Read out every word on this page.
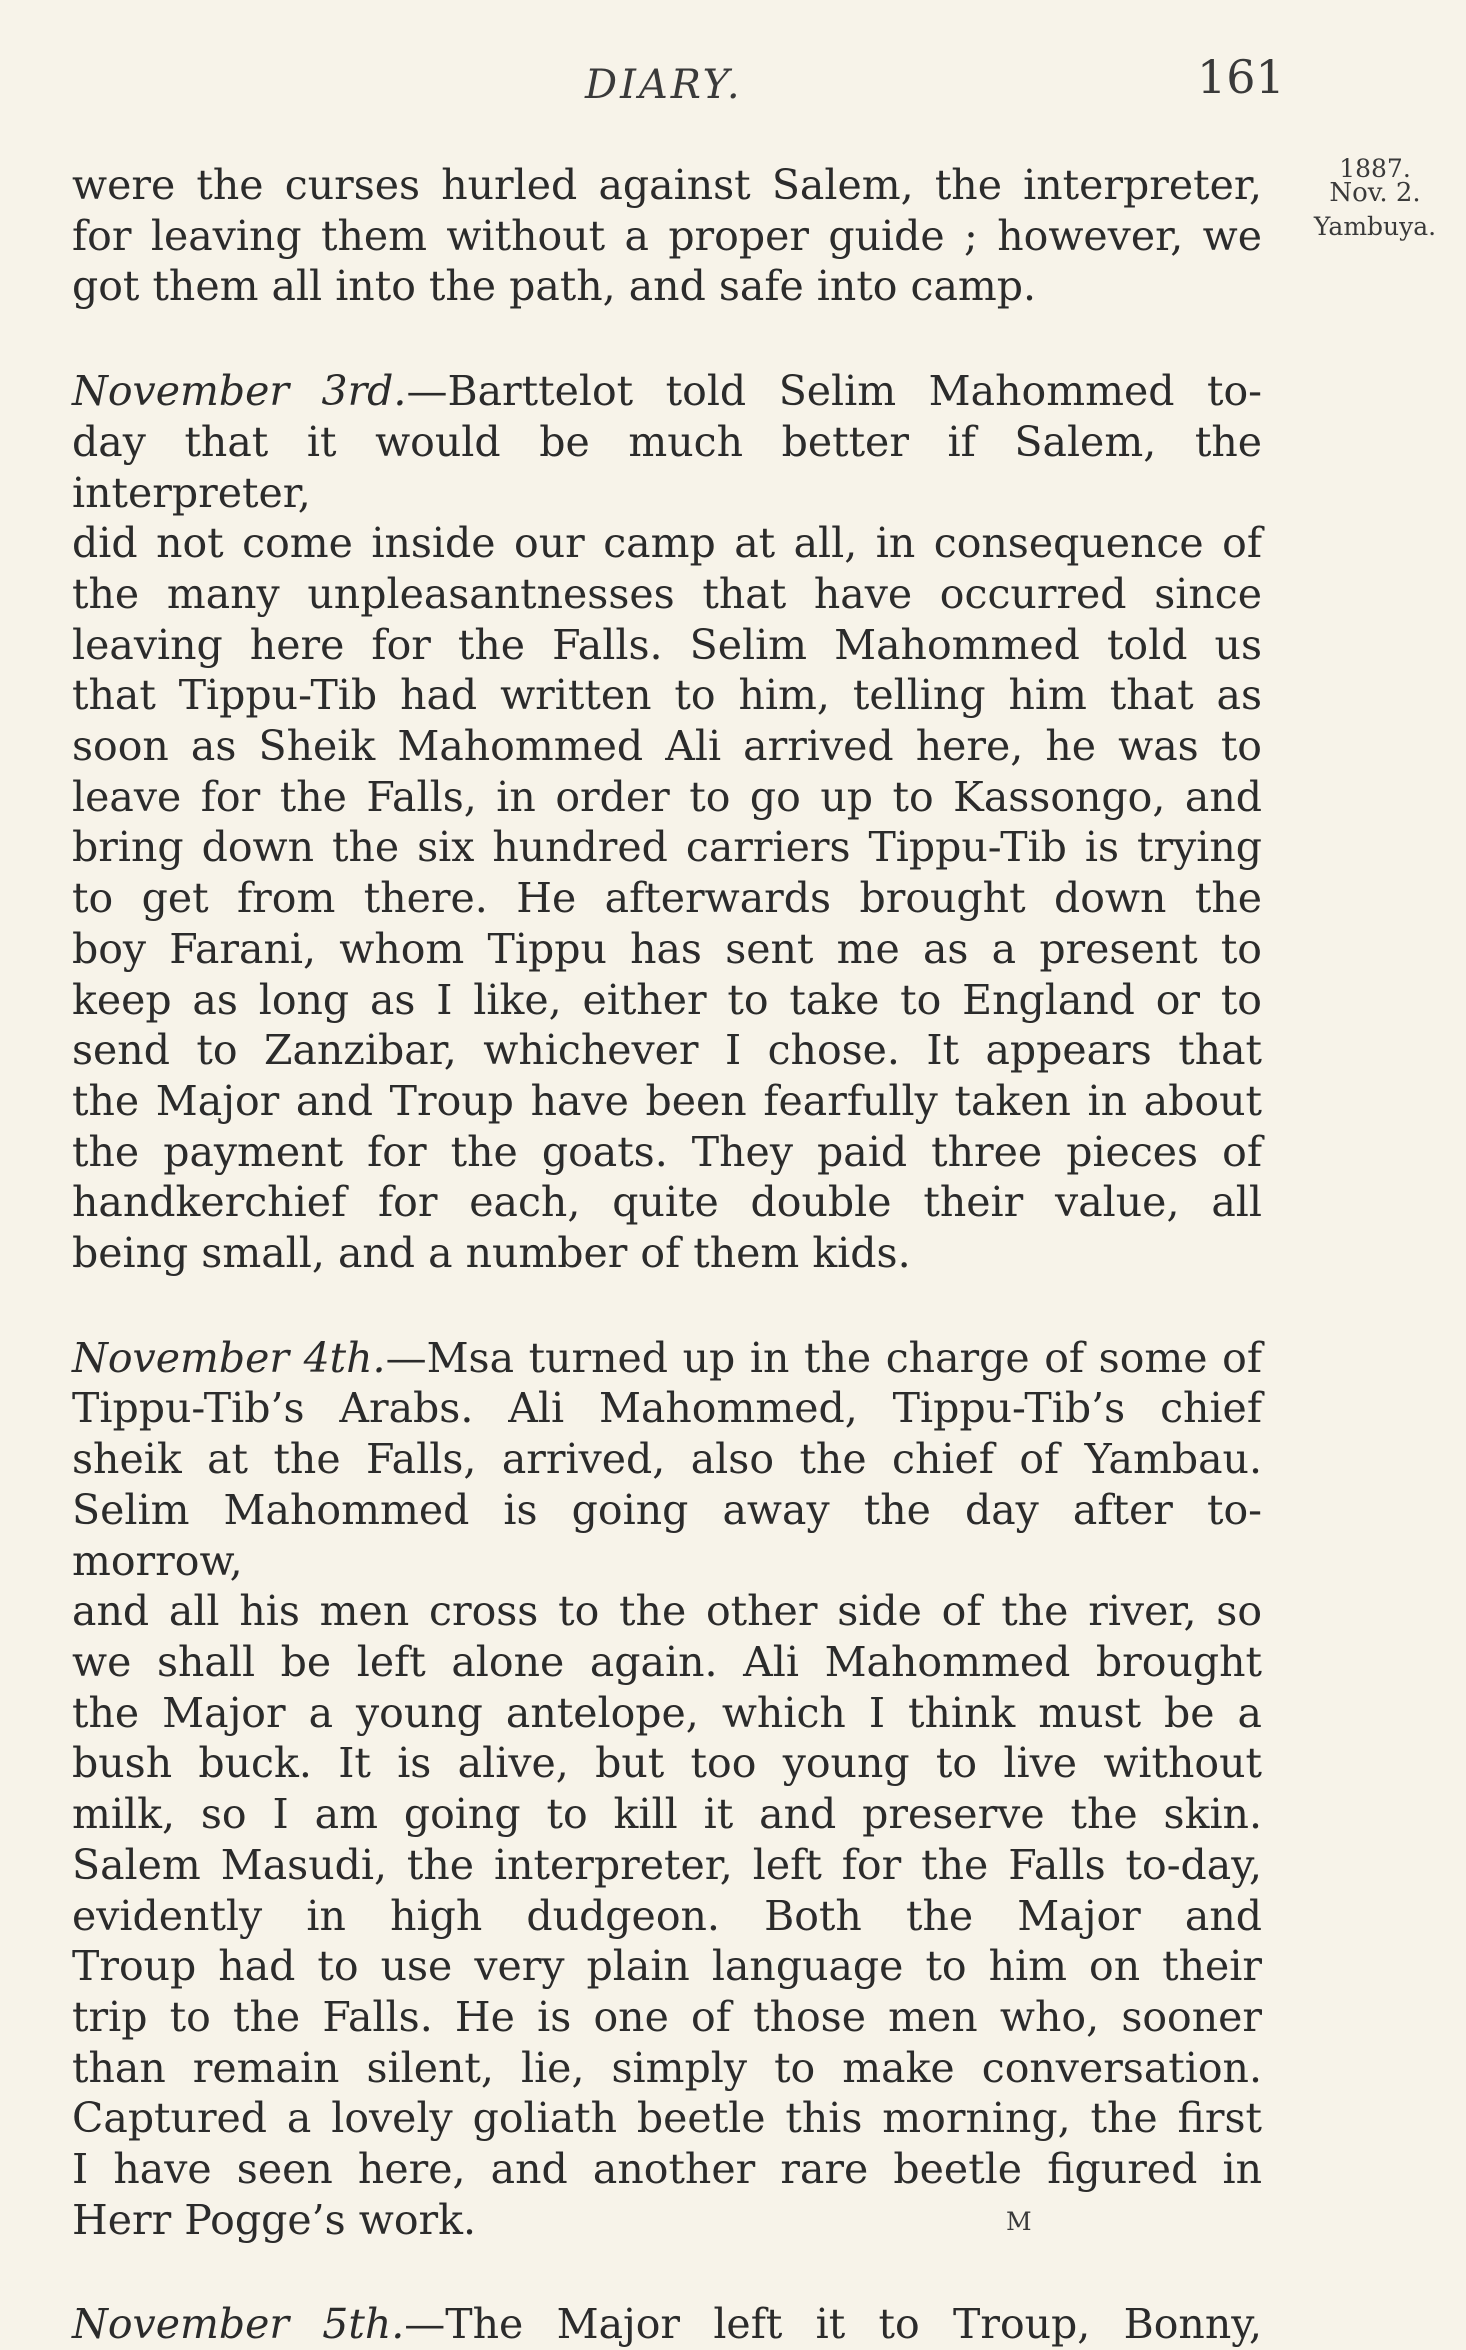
DIARY.	161
1887.
Nov. 2.
Yambuya.
were the curses hurled against Salem, the interpreter,
for leaving them without a proper guide ; however, we
got them all into the path, and safe into camp.
November 3rd.—Barttelot told Selim Mahommed to-
day that it would be much better if Salem, the interpreter,
did not come inside our camp at all, in consequence of
the many unpleasantnesses that have occurred since
leaving here for the Falls. Selim Mahommed told us
that Tippu-Tib had written to him, telling him that as
soon as Sheik Mahommed Ali arrived here, he was to
leave for the Falls, in order to go up to Kassongo, and
bring down the six hundred carriers Tippu-Tib is trying
to get from there. He afterwards brought down the
boy Farani, whom Tippu has sent me as a present to
keep as long as I like, either to take to England or to
send to Zanzibar, whichever I chose. It appears that
the Major and Troup have been fearfully taken in about
the payment for the goats. They paid three pieces of
handkerchief for each, quite double their value, all
being small, and a number of them kids.
November 4th.—Msa turned up in the charge of some of
Tippu-Tib’s Arabs. Ali Mahommed, Tippu-Tib’s chief
sheik at the Falls, arrived, also the chief of Yambau.
Selim Mahommed is going away the day after to-morrow,
and all his men cross to the other side of the river, so
we shall be left alone again. Ali Mahommed brought
the Major a young antelope, which I think must be a
bush buck. It is alive, but too young to live without
milk, so I am going to kill it and preserve the skin.
Salem Masudi, the interpreter, left for the Falls to-day,
evidently in high dudgeon. Both the Major and
Troup had to use very plain language to him on their
trip to the Falls. He is one of those men who, sooner
than remain silent, lie, simply to make conversation.
Captured a lovely goliath beetle this morning, the first
I have seen here, and another rare beetle figured in
Herr Pogge’s work.
November 5th.—The Major left it to Troup, Bonny,
M
